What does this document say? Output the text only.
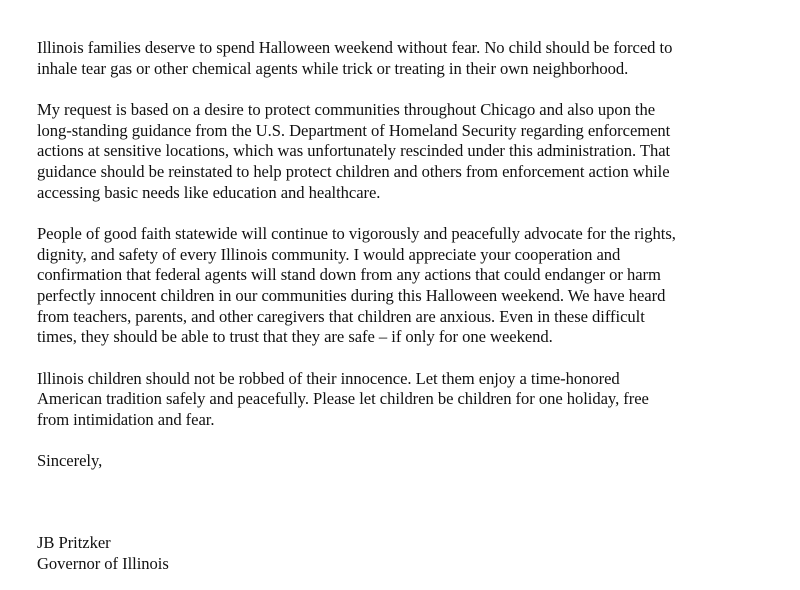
Illinois families deserve to spend Halloween weekend without fear. No child should be forced to
inhale tear gas or other chemical agents while trick or treating in their own neighborhood.

My request is based on a desire to protect communities throughout Chicago and also upon the
long-standing guidance from the U.S. Department of Homeland Security regarding enforcement
actions at sensitive locations, which was unfortunately rescinded under this administration. That
guidance should be reinstated to help protect children and others from enforcement action while
accessing basic needs like education and healthcare.

People of good faith statewide will continue to vigorously and peacefully advocate for the rights,
dignity, and safety of every Illinois community. I would appreciate your cooperation and
confirmation that federal agents will stand down from any actions that could endanger or harm
perfectly innocent children in our communities during this Halloween weekend. We have heard
from teachers, parents, and other caregivers that children are anxious. Even in these difficult
times, they should be able to trust that they are safe – if only for one weekend.

Illinois children should not be robbed of their innocence. Let them enjoy a time-honored
American tradition safely and peacefully. Please let children be children for one holiday, free
from intimidation and fear.

Sincerely,

JB Pritzker
Governor of Illinois
